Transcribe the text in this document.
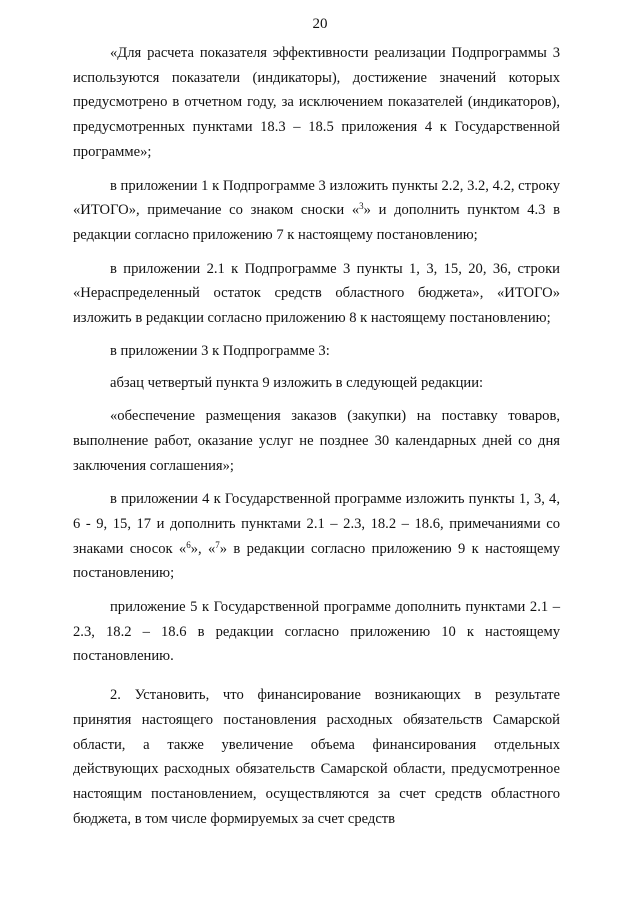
20

«Для расчета показателя эффективности реализации Подпрограммы 3 используются показатели (индикаторы), достижение значений которых предусмотрено в отчетном году, за исключением показателей (индикаторов), предусмотренных пунктами 18.3 – 18.5 приложения 4 к Государственной программе»;

в приложении 1 к Подпрограмме 3 изложить пункты 2.2, 3.2, 4.2, строку «ИТОГО», примечание со знаком сноски «$^3$» и дополнить пунктом 4.3 в редакции согласно приложению 7 к настоящему постановлению;

в приложении 2.1 к Подпрограмме 3 пункты 1, 3, 15, 20, 36, строки «Нераспределенный остаток средств областного бюджета», «ИТОГО» изложить в редакции согласно приложению 8 к настоящему постановлению;

в приложении 3 к Подпрограмме 3:

абзац четвертый пункта 9 изложить в следующей редакции:

«обеспечение размещения заказов (закупки) на поставку товаров, выполнение работ, оказание услуг не позднее 30 календарных дней со дня заключения соглашения»;

в приложении 4 к Государственной программе изложить пункты 1, 3, 4, 6 - 9, 15, 17 и дополнить пунктами 2.1 – 2.3, 18.2 – 18.6, примечаниями со знаками сносок «$^6$», «$^7$» в редакции согласно приложению 9 к настоящему постановлению;

приложение 5 к Государственной программе дополнить пунктами 2.1 – 2.3, 18.2 – 18.6 в редакции согласно приложению 10 к настоящему постановлению.

2. Установить, что финансирование возникающих в результате принятия настоящего постановления расходных обязательств Самарской области, а также увеличение объема финансирования отдельных действующих расходных обязательств Самарской области, предусмотренное настоящим постановлением, осуществляются за счет средств областного бюджета, в том числе формируемых за счет средств
